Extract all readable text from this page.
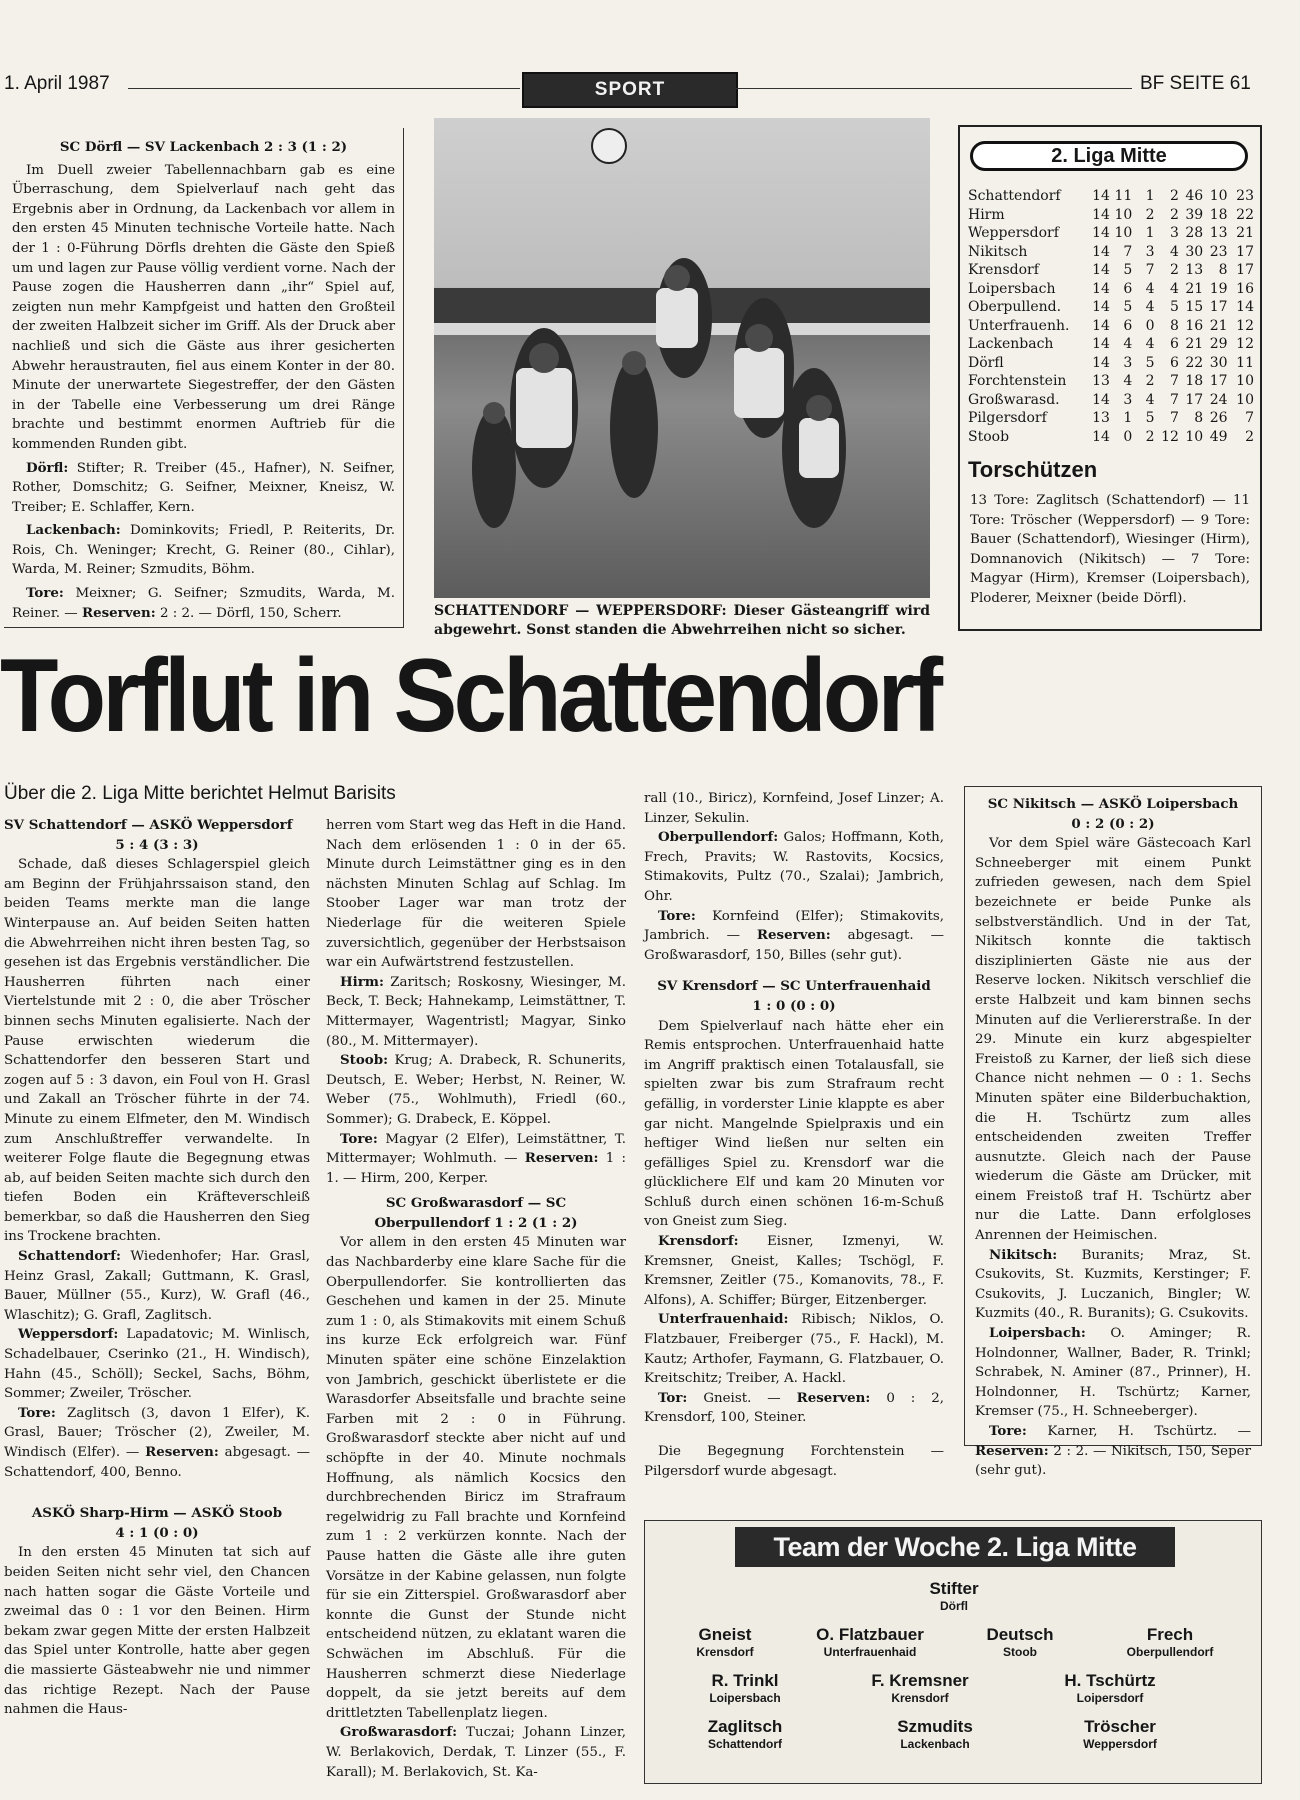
1. April 1987	SPORT	BF SEITE 61

SC Dörfl — SV Lackenbach 2 : 3 (1 : 2)

Im Duell zweier Tabellennachbarn gab es eine Überraschung, dem Spielverlauf nach geht das Ergebnis aber in Ordnung, da Lackenbach vor allem in den ersten 45 Minuten technische Vorteile hatte. Nach der 1 : 0-Führung Dörfls drehten die Gäste den Spieß um und lagen zur Pause völlig verdient vorne. Nach der Pause zogen die Hausherren dann „ihr“ Spiel auf, zeigten nun mehr Kampfgeist und hatten den Großteil der zweiten Halbzeit sicher im Griff. Als der Druck aber nachließ und sich die Gäste aus ihrer gesicherten Abwehr heraustrauten, fiel aus einem Konter in der 80. Minute der unerwartete Siegestreffer, der den Gästen in der Tabelle eine Verbesserung um drei Ränge brachte und bestimmt enormen Auftrieb für die kommenden Runden gibt.

Dörfl: Stifter; R. Treiber (45., Hafner), N. Seifner, Rother, Domschitz; G. Seifner, Meixner, Kneisz, W. Treiber; E. Schlaffer, Kern.

Lackenbach: Dominkovits; Friedl, P. Reiterits, Dr. Rois, Ch. Weninger; Krecht, G. Reiner (80., Cihlar), Warda, M. Reiner; Szmudits, Böhm.

Tore: Meixner; G. Seifner; Szmudits, Warda, M. Reiner. — Reserven: 2 : 2. — Dörfl, 150, Scherr.	SCHATTENDORF — WEPPERSDORF: Dieser Gästeangriff wird abgewehrt. Sonst standen die Abwehrreihen nicht so sicher.
2. Liga Mitte
Schattendorf	14	11	1	2	46	10	23
Hirm	14	10	2	2	39	18	22
Weppersdorf	14	10	1	3	28	13	21
Nikitsch	14	7	3	4	30	23	17
Krensdorf	14	5	7	2	13	8	17
Loipersbach	14	6	4	4	21	19	16
Oberpullend.	14	5	4	5	15	17	14
Unterfrauenh.	14	6	0	8	16	21	12
Lackenbach	14	4	4	6	21	29	12
Dörfl	14	3	5	6	22	30	11
Forchtenstein	13	4	2	7	18	17	10
Großwarasd.	14	3	4	7	17	24	10
Pilgersdorf	13	1	5	7	8	26	7
Stoob	14	0	2	12	10	49	2
Torschützen
13 Tore: Zaglitsch (Schattendorf) — 11 Tore: Tröscher (Weppersdorf) — 9 Tore: Bauer (Schattendorf), Wiesinger (Hirm), Domnanovich (Nikitsch) — 7 Tore: Magyar (Hirm), Kremser (Loipersbach), Ploderer, Meixner (beide Dörfl).
Torflut in Schattendorf
Über die 2. Liga Mitte berichtet Helmut Barisits

SV Schattendorf — ASKÖ Weppersdorf

5 : 4 (3 : 3)

Schade, daß dieses Schlagerspiel gleich am Beginn der Frühjahrssaison stand, den beiden Teams merkte man die lange Winterpause an. Auf beiden Seiten hatten die Abwehrreihen nicht ihren besten Tag, so gesehen ist das Ergebnis verständlicher. Die Hausherren führten nach einer Viertelstunde mit 2 : 0, die aber Tröscher binnen sechs Minuten egalisierte. Nach der Pause erwischten wiederum die Schattendorfer den besseren Start und zogen auf 5 : 3 davon, ein Foul von H. Grasl und Zakall an Tröscher führte in der 74. Minute zu einem Elfmeter, den M. Windisch zum Anschlußtreffer verwandelte. In weiterer Folge flaute die Begegnung etwas ab, auf beiden Seiten machte sich durch den tiefen Boden ein Kräfteverschleiß bemerkbar, so daß die Hausherren den Sieg ins Trockene brachten.

Schattendorf: Wiedenhofer; Har. Grasl, Heinz Grasl, Zakall; Guttmann, K. Grasl, Bauer, Müllner (55., Kurz), W. Grafl (46., Wlaschitz); G. Grafl, Zaglitsch.

Weppersdorf: Lapadatovic; M. Winlisch, Schadelbauer, Cserinko (21., H. Windisch), Hahn (45., Schöll); Seckel, Sachs, Böhm, Sommer; Zweiler, Tröscher.

Tore: Zaglitsch (3, davon 1 Elfer), K. Grasl, Bauer; Tröscher (2), Zweiler, M. Windisch (Elfer). — Reserven: abgesagt. — Schattendorf, 400, Benno.

ASKÖ Sharp-Hirm — ASKÖ Stoob

4 : 1 (0 : 0)

In den ersten 45 Minuten tat sich auf beiden Seiten nicht sehr viel, den Chancen nach hatten sogar die Gäste Vorteile und zweimal das 0 : 1 vor den Beinen. Hirm bekam zwar gegen Mitte der ersten Halbzeit das Spiel unter Kontrolle, hatte aber gegen die massierte Gästeabwehr nie und nimmer das richtige Rezept. Nach der Pause nahmen die Haus-

herren vom Start weg das Heft in die Hand. Nach dem erlösenden 1 : 0 in der 65. Minute durch Leimstättner ging es in den nächsten Minuten Schlag auf Schlag. Im Stoober Lager war man trotz der Niederlage für die weiteren Spiele zuversichtlich, gegenüber der Herbstsaison war ein Aufwärtstrend festzustellen.

Hirm: Zaritsch; Roskosny, Wiesinger, M. Beck, T. Beck; Hahnekamp, Leimstättner, T. Mittermayer, Wagentristl; Magyar, Sinko (80., M. Mittermayer).

Stoob: Krug; A. Drabeck, R. Schunerits, Deutsch, E. Weber; Herbst, N. Reiner, W. Weber (75., Wohlmuth), Friedl (60., Sommer); G. Drabeck, E. Köppel.

Tore: Magyar (2 Elfer), Leimstättner, T. Mittermayer; Wohlmuth. — Reserven: 1 : 1. — Hirm, 200, Kerper.

SC Großwarasdorf — SC Oberpullendorf 1 : 2 (1 : 2)

Vor allem in den ersten 45 Minuten war das Nachbarderby eine klare Sache für die Oberpullendorfer. Sie kontrollierten das Geschehen und kamen in der 25. Minute zum 1 : 0, als Stimakovits mit einem Schuß ins kurze Eck erfolgreich war. Fünf Minuten später eine schöne Einzelaktion von Jambrich, geschickt überlistete er die Warasdorfer Abseitsfalle und brachte seine Farben mit 2 : 0 in Führung. Großwarasdorf steckte aber nicht auf und schöpfte in der 40. Minute nochmals Hoffnung, als nämlich Kocsics den durchbrechenden Biricz im Strafraum regelwidrig zu Fall brachte und Kornfeind zum 1 : 2 verkürzen konnte. Nach der Pause hatten die Gäste alle ihre guten Vorsätze in der Kabine gelassen, nun folgte für sie ein Zitterspiel. Großwarasdorf aber konnte die Gunst der Stunde nicht entscheidend nützen, zu eklatant waren die Schwächen im Abschluß. Für die Hausherren schmerzt diese Niederlage doppelt, da sie jetzt bereits auf dem drittletzten Tabellenplatz liegen.

Großwarasdorf: Tuczai; Johann Linzer, W. Berlakovich, Derdak, T. Linzer (55., F. Karall); M. Berlakovich, St. Ka-

rall (10., Biricz), Kornfeind, Josef Linzer; A. Linzer, Sekulin.

Oberpullendorf: Galos; Hoffmann, Koth, Frech, Pravits; W. Rastovits, Kocsics, Stimakovits, Pultz (70., Szalai); Jambrich, Ohr.

Tore: Kornfeind (Elfer); Stimakovits, Jambrich. — Reserven: abgesagt. — Großwarasdorf, 150, Billes (sehr gut).

SV Krensdorf — SC Unterfrauenhaid

1 : 0 (0 : 0)

Dem Spielverlauf nach hätte eher ein Remis entsprochen. Unterfrauenhaid hatte im Angriff praktisch einen Totalausfall, sie spielten zwar bis zum Strafraum recht gefällig, in vorderster Linie klappte es aber gar nicht. Mangelnde Spielpraxis und ein heftiger Wind ließen nur selten ein gefälliges Spiel zu. Krensdorf war die glücklichere Elf und kam 20 Minuten vor Schluß durch einen schönen 16-m-Schuß von Gneist zum Sieg.

Krensdorf: Eisner, Izmenyi, W. Kremsner, Gneist, Kalles; Tschögl, F. Kremsner, Zeitler (75., Komanovits, 78., F. Alfons), A. Schiffer; Bürger, Eitzenberger.

Unterfrauenhaid: Ribisch; Niklos, O. Flatzbauer, Freiberger (75., F. Hackl), M. Kautz; Arthofer, Faymann, G. Flatzbauer, O. Kreitschitz; Treiber, A. Hackl.

Tor: Gneist. — Reserven: 0 : 2, Krensdorf, 100, Steiner.

Die Begegnung Forchtenstein — Pilgersdorf wurde abgesagt.

SC Nikitsch — ASKÖ Loipersbach

0 : 2 (0 : 2)

Vor dem Spiel wäre Gästecoach Karl Schneeberger mit einem Punkt zufrieden gewesen, nach dem Spiel bezeichnete er beide Punke als selbstverständlich. Und in der Tat, Nikitsch konnte die taktisch disziplinierten Gäste nie aus der Reserve locken. Nikitsch verschlief die erste Halbzeit und kam binnen sechs Minuten auf die Verliererstraße. In der 29. Minute ein kurz abgespielter Freistoß zu Karner, der ließ sich diese Chance nicht nehmen — 0 : 1. Sechs Minuten später eine Bilderbuchaktion, die H. Tschürtz zum alles entscheidenden zweiten Treffer ausnutzte. Gleich nach der Pause wiederum die Gäste am Drücker, mit einem Freistoß traf H. Tschürtz aber nur die Latte. Dann erfolgloses Anrennen der Heimischen.

Nikitsch: Buranits; Mraz, St. Csukovits, St. Kuzmits, Kerstinger; F. Csukovits, J. Luczanich, Bingler; W. Kuzmits (40., R. Buranits); G. Csukovits.

Loipersbach: O. Aminger; R. Holndonner, Wallner, Bader, R. Trinkl; Schrabek, N. Aminer (87., Prinner), H. Holndonner, H. Tschürtz; Karner, Kremser (75., H. Schneeberger).

Tore: Karner, H. Tschürtz. — Reserven: 2 : 2. — Nikitsch, 150, Seper (sehr gut).

Team der Woche 2. Liga Mitte
Stifter
Dörfl
Gneist
Krensdorf
O. Flatzbauer
Unterfrauenhaid
Deutsch
Stoob
Frech
Oberpullendorf
R. Trinkl
Loipersbach
F. Kremsner
Krensdorf
H. Tschürtz
Loipersdorf
Zaglitsch
Schattendorf
Szmudits
Lackenbach
Tröscher
Weppersdorf
